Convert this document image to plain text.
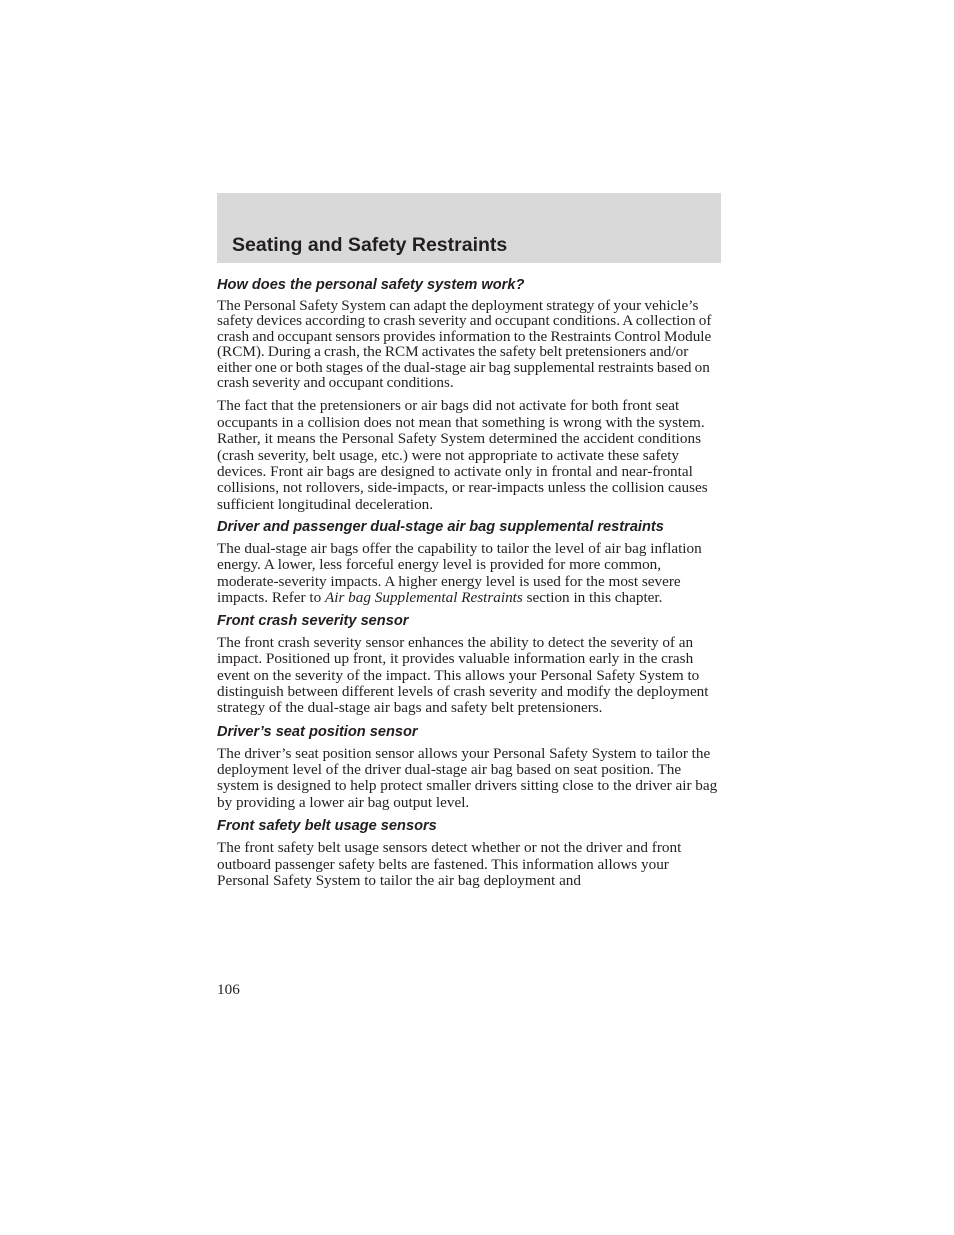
Seating and Safety Restraints
How does the personal safety system work?

The Personal Safety System can adapt the deployment strategy of your vehicle’s safety devices according to crash severity and occupant conditions. A collection of crash and occupant sensors provides information to the Restraints Control Module (RCM). During a crash, the RCM activates the safety belt pretensioners and/or either one or both stages of the dual-stage air bag supplemental restraints based on crash severity and occupant conditions.

The fact that the pretensioners or air bags did not activate for both front seat occupants in a collision does not mean that something is wrong with the system. Rather, it means the Personal Safety System determined the accident conditions (crash severity, belt usage, etc.) were not appropriate to activate these safety devices. Front air bags are designed to activate only in frontal and near-frontal collisions, not rollovers, side-impacts, or rear-impacts unless the collision causes sufficient longitudinal deceleration.

Driver and passenger dual-stage air bag supplemental restraints

The dual-stage air bags offer the capability to tailor the level of air bag inflation energy. A lower, less forceful energy level is provided for more common, moderate-severity impacts. A higher energy level is used for the most severe impacts. Refer to Air bag Supplemental Restraints section in this chapter.

Front crash severity sensor

The front crash severity sensor enhances the ability to detect the severity of an impact. Positioned up front, it provides valuable information early in the crash event on the severity of the impact. This allows your Personal Safety System to distinguish between different levels of crash severity and modify the deployment strategy of the dual-stage air bags and safety belt pretensioners.

Driver’s seat position sensor

The driver’s seat position sensor allows your Personal Safety System to tailor the deployment level of the driver dual-stage air bag based on seat position. The system is designed to help protect smaller drivers sitting close to the driver air bag by providing a lower air bag output level.

Front safety belt usage sensors

The front safety belt usage sensors detect whether or not the driver and front outboard passenger safety belts are fastened. This information allows your Personal Safety System to tailor the air bag deployment and

106
